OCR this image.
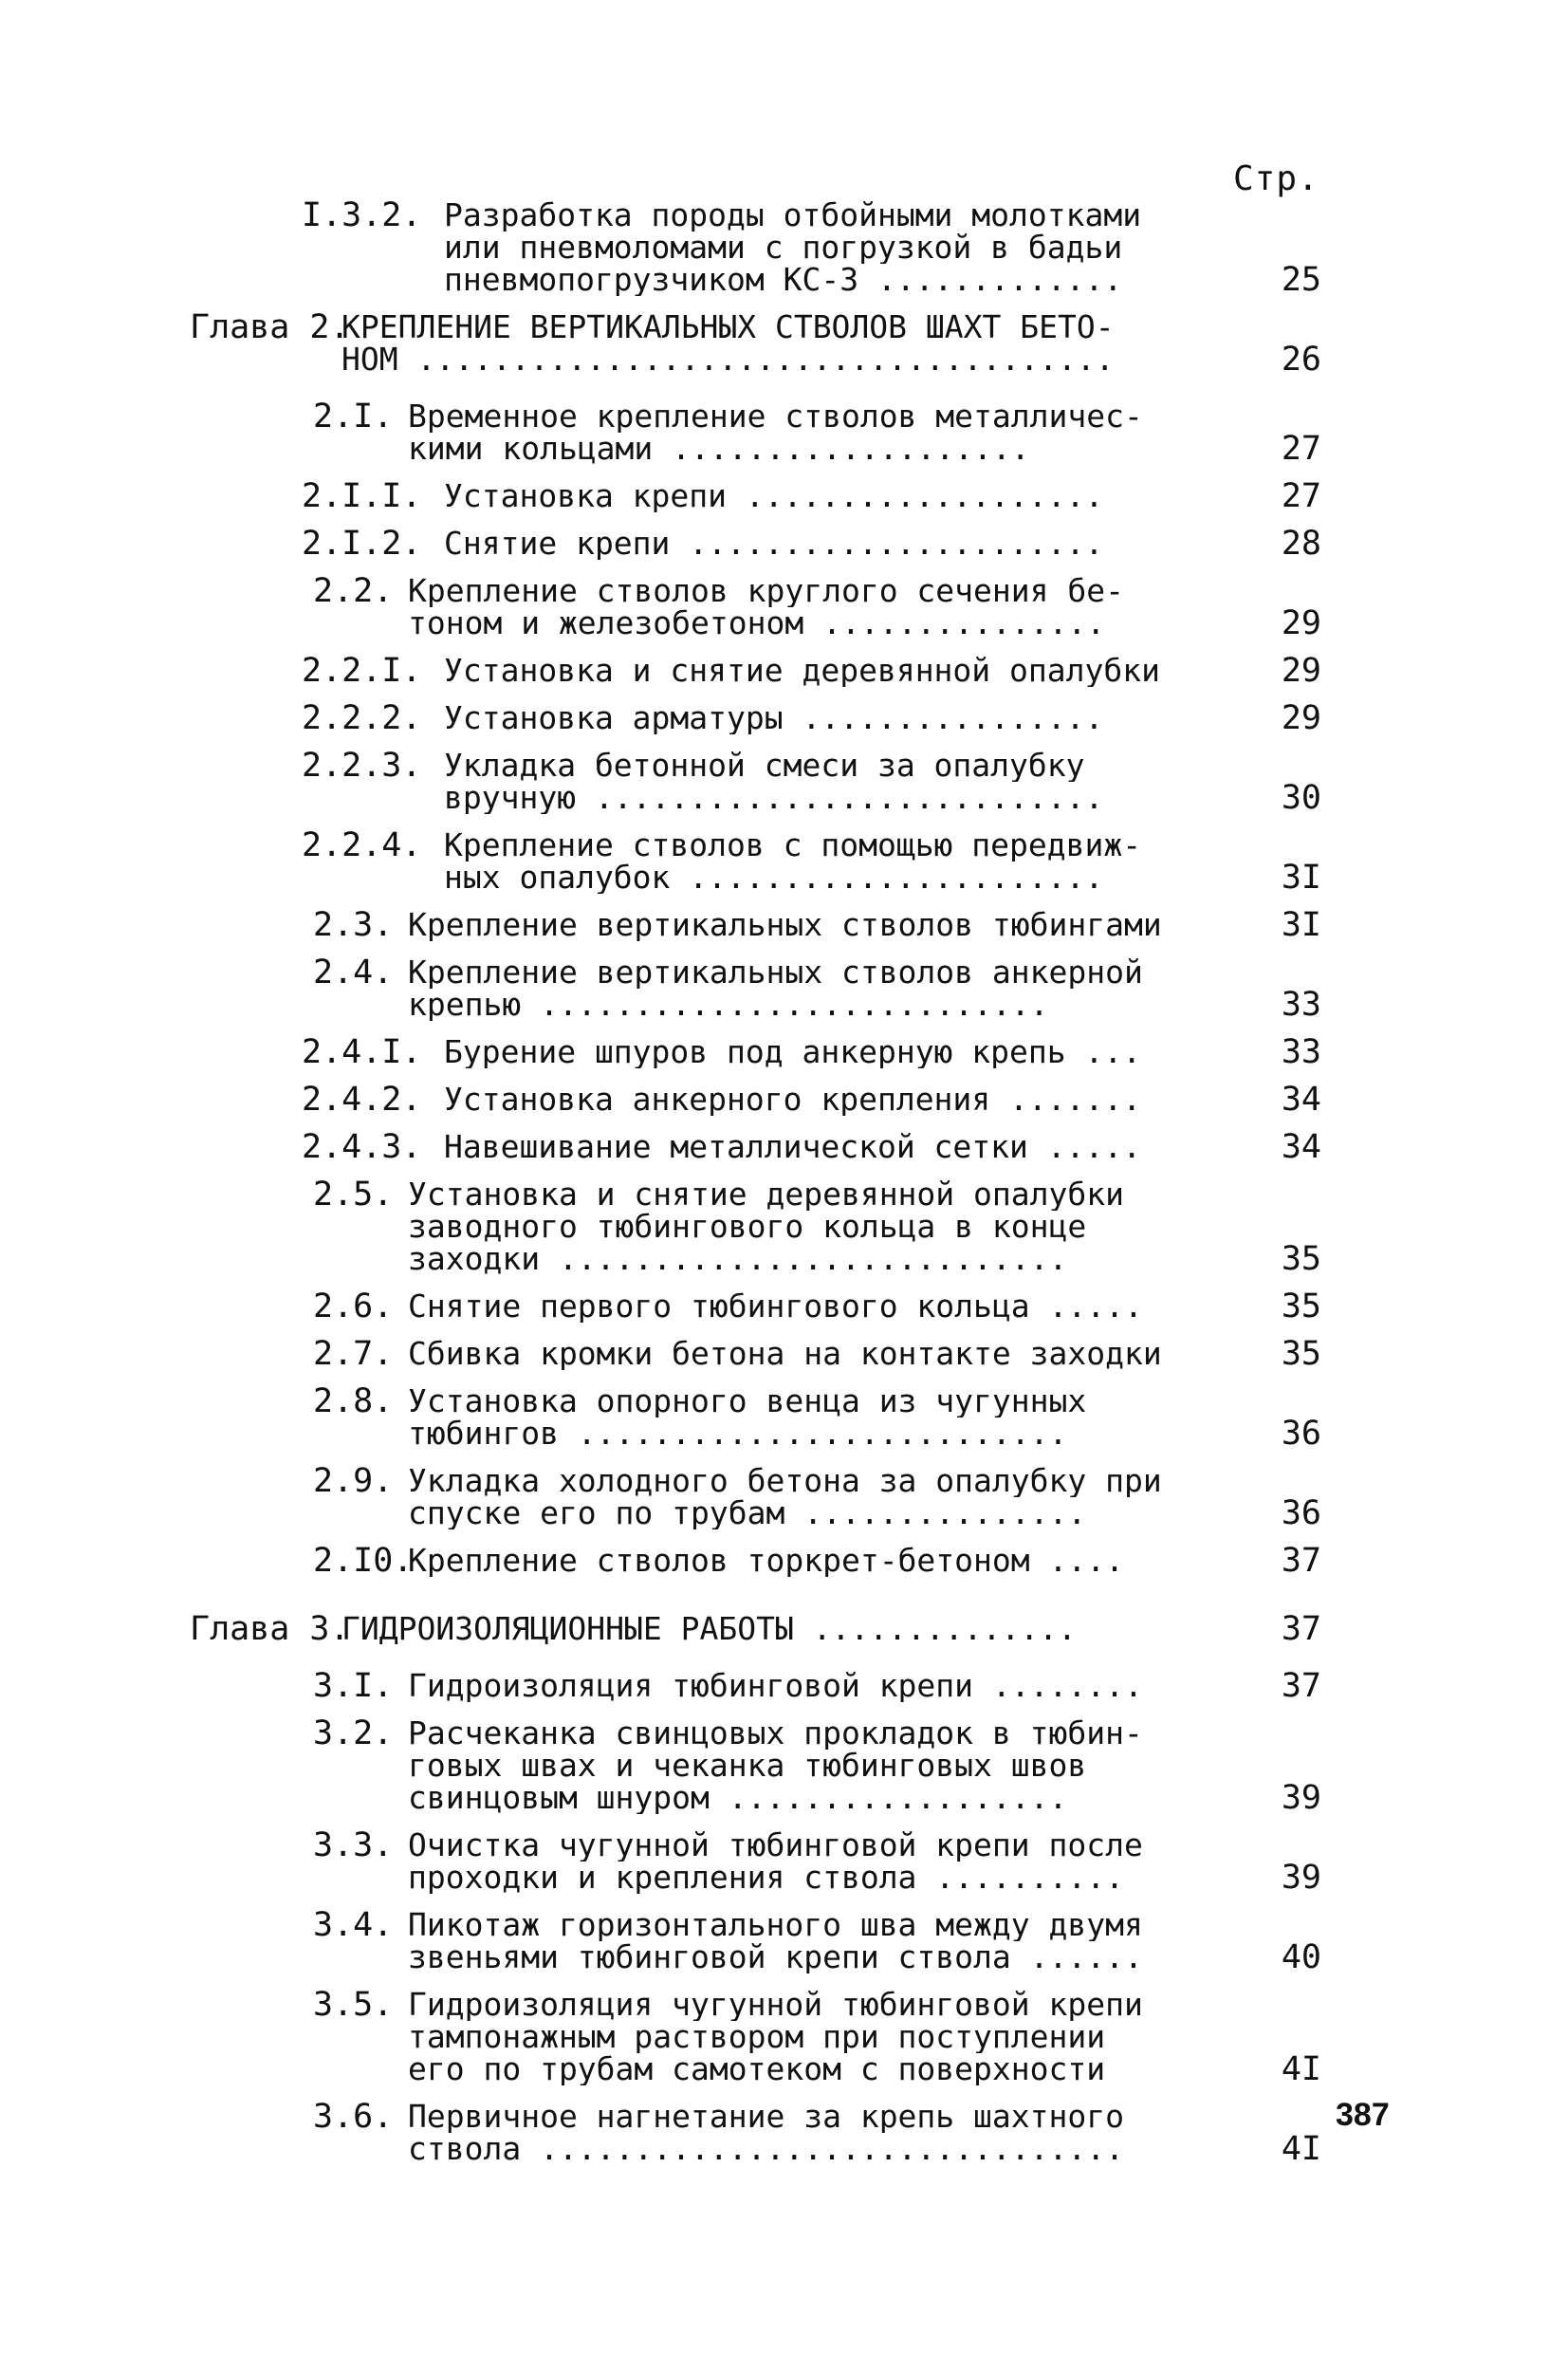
Стр.
I.3.2. Разработка породы отбойными молотками
или пневмоломами с погрузкой в бадьи
пневмопогрузчиком КС-3 .............	25
Глава 2.
КРЕПЛЕНИЕ ВЕРТИКАЛЬНЫХ СТВОЛОВ ШАХТ БЕТО-
НОМ .....................................	26
2.I. Временное крепление стволов металличес-
кими кольцами ...................	27
2.I.I. Установка крепи ...................	27
2.I.2. Снятие крепи ......................	28
2.2. Крепление стволов круглого сечения бе-
тоном и железобетоном ...............	29
2.2.I. Установка и снятие деревянной опалубки	29
2.2.2. Установка арматуры ................	29
2.2.3. Укладка бетонной смеси за опалубку
вручную ...........................	30
2.2.4. Крепление стволов с помощью передвиж-
ных опалубок ......................	3I
2.3. Крепление вертикальных стволов тюбингами	3I
2.4. Крепление вертикальных стволов анкерной
крепью ...........................	33
2.4.I. Бурение шпуров под анкерную крепь ...	33
2.4.2. Установка анкерного крепления .......	34
2.4.3. Навешивание металлической сетки .....	34
2.5. Установка и снятие деревянной опалубки
заводного тюбингового кольца в конце
заходки ...........................	35
2.6. Снятие первого тюбингового кольца .....	35
2.7. Сбивка кромки бетона на контакте заходки	35
2.8. Установка опорного венца из чугунных
тюбингов ..........................	36
2.9. Укладка холодного бетона за опалубку при
спуске его по трубам ...............	36
2.I0.
Крепление стволов торкрет-бетоном ....	37
Глава 3.
ГИДРОИЗОЛЯЦИОННЫЕ РАБОТЫ ..............	37
3.I. Гидроизоляция тюбинговой крепи ........	37
3.2. Расчеканка свинцовых прокладок в тюбин-
говых швах и чеканка тюбинговых швов
свинцовым шнуром ..................	39
3.3. Очистка чугунной тюбинговой крепи после
проходки и крепления ствола ..........	39
3.4. Пикотаж горизонтального шва между двумя
звеньями тюбинговой крепи ствола ......	40
3.5. Гидроизоляция чугунной тюбинговой крепи
тампонажным раствором при поступлении
его по трубам самотеком с поверхности	4I
3.6. Первичное нагнетание за крепь шахтного
ствола ...............................	4I
387
